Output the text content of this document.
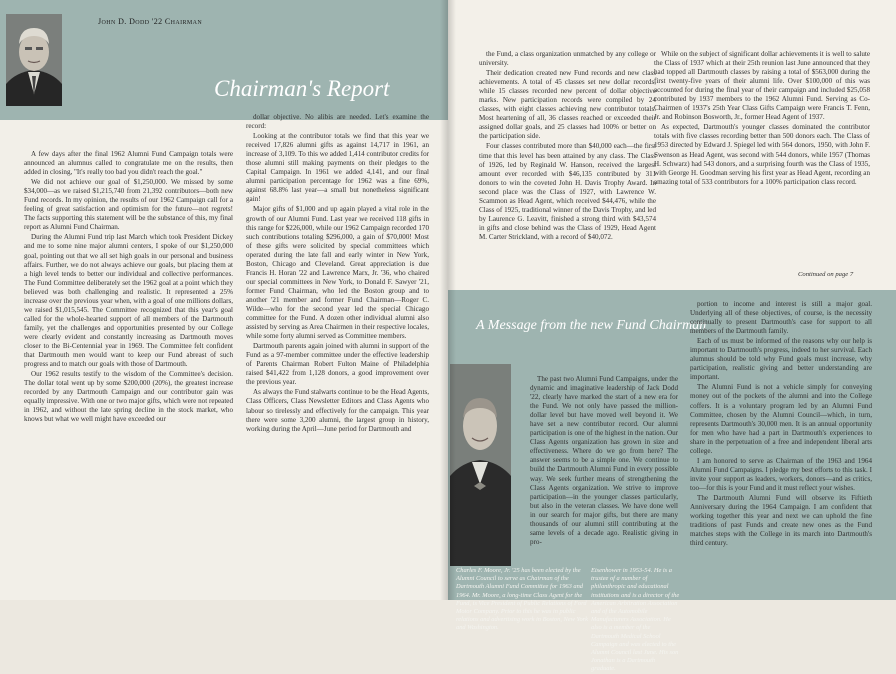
John D. Dodd '22 Chairman
Chairman's Report

A few days after the final 1962 Alumni Fund Campaign totals were announced an alumnus called to congratulate me on the results, then added in closing, "It's really too bad you didn't reach the goal."

We did not achieve our goal of $1,250,000. We missed by some $34,000—as we raised $1,215,740 from 21,392 contributors—both new Fund records. In my opinion, the results of our 1962 Campaign call for a feeling of great satisfaction and optimism for the future—not regrets! The facts supporting this statement will be the substance of this, my final report as Alumni Fund Chairman.

During the Alumni Fund trip last March which took President Dickey and me to some nine major alumni centers, I spoke of our $1,250,000 goal, pointing out that we all set high goals in our personal and business affairs. Further, we do not always achieve our goals, but placing them at a high level tends to better our individual and collective performances. The Fund Committee deliberately set the 1962 goal at a point which they believed was both challenging and realistic. It represented a 25% increase over the previous year when, with a goal of one millions dollars, we raised $1,015,545. The Committee recognized that this year's goal called for the whole-hearted support of all members of the Dartmouth family, yet the challenges and opportunities presented by our College were clearly evident and constantly increasing as Dartmouth moves closer to the Bi-Centennial year in 1969. The Committee felt confident that Dartmouth men would want to keep our Fund abreast of such progress and to match our goals with those of Dartmouth.

Our 1962 results testify to the wisdom of the Committee's decision. The dollar total went up by some $200,000 (20%), the greatest increase recorded by any Dartmouth Campaign and our contributor gain was equally impressive. With one or two major gifts, which were not repeated in 1962, and without the late spring decline in the stock market, who knows but what we well might have exceeded our

dollar objective. No alibis are needed. Let's examine the record:

Looking at the contributor totals we find that this year we received 17,826 alumni gifts as against 14,717 in 1961, an increase of 3,109. To this we added 1,414 contributor credits for those alumni still making payments on their pledges to the Capital Campaign. In 1961 we added 4,141, and our final alumni participation percentage for 1962 was a fine 69%, against 68.8% last year—a small but nonetheless significant gain!

Major gifts of $1,000 and up again played a vital role in the growth of our Alumni Fund. Last year we received 118 gifts in this range for $226,000, while our 1962 Campaign recorded 170 such contributions totaling $296,000, a gain of $70,000! Most of these gifts were solicited by special committees which operated during the late fall and early winter in New York, Boston, Chicago and Cleveland. Great appreciation is due Francis H. Horan '22 and Lawrence Marx, Jr. '36, who chaired our special committees in New York, to Donald F. Sawyer '21, former Fund Chairman, who led the Boston group and to another '21 member and former Fund Chairman—Roger C. Wilde—who for the second year led the special Chicago committee for the Fund. A dozen other individual alumni also assisted by serving as Area Chairmen in their respective locales, while some forty alumni served as Committee members.

Dartmouth parents again joined with alumni in support of the Fund as a 97-member committee under the effective leadership of Parents Chairman Robert Fulton Maine of Philadelphia raised $41,422 from 1,128 donors, a good improvement over the previous year.

As always the Fund stalwarts continue to be the Head Agents, Class Officers, Class Newsletter Editors and Class Agents who labour so tirelessly and effectively for the campaign. This year there were some 3,200 alumni, the largest group in history, working during the April—June period for Dartmouth and

the Fund, a class organization unmatched by any college or university.

Their dedication created new Fund records and new class achievements. A total of 45 classes set new dollar records, while 15 classes recorded new percent of dollar objective marks. New participation records were compiled by 24 classes, with eight classes achieving new contributor totals. Most heartening of all, 36 classes reached or exceeded their assigned dollar goals, and 25 classes had 100% or better on the participation side.

Four classes contributed more than $40,000 each—the first time that this level has been attained by any class. The Class of 1926, led by Reginald W. Hanson, received the largest amount ever recorded with $46,135 contributed by 311 donors to win the coveted John H. Davis Trophy Award. In second place was the Class of 1927, with Lawrence W. Scammon as Head Agent, which received $44,476, while the Class of 1925, traditional winner of the Davis Trophy, and led by Laurence G. Leavitt, finished a strong third with $43,574 in gifts and close behind was the Class of 1929, Head Agent M. Carter Strickland, with a record of $40,072.

While on the subject of significant dollar achievements it is well to salute the Class of 1937 which at their 25th reunion last June announced that they had topped all Dartmouth classes by raising a total of $563,000 during the first twenty-five years of their alumni life. Over $100,000 of this was accounted for during the final year of their campaign and included $25,058 contributed by 1937 members to the 1962 Alumni Fund. Serving as Co-Chairmen of 1937's 25th Year Class Gifts Campaign were Francis T. Fenn, Jr. and Robinson Bosworth, Jr., former Head Agent of 1937.

As expected, Dartmouth's younger classes dominated the contributor totals with five classes recording better than 500 donors each. The Class of 1953 directed by Edward J. Spiegel led with 564 donors, 1950, with John F. Swenson as Head Agent, was second with 544 donors, while 1957 (Thomas H. Schwarz) had 543 donors, and a surprising fourth was the Class of 1935, with George H. Goodman serving his first year as Head Agent, recording an amazing total of 533 contributors for a 100% participation class record.

Continued on page 7
A Message from the new Fund Chairman

The past two Alumni Fund Campaigns, under the dynamic and imaginative leadership of Jack Dodd '22, clearly have marked the start of a new era for the Fund. We not only have passed the million-dollar level but have moved well beyond it. We have set a new contributor record. Our alumni participation is one of the highest in the nation. Our Class Agents organization has grown in size and effectiveness. Where do we go from here? The answer seems to be a simple one. We continue to build the Dartmouth Alumni Fund in every possible way. We seek further means of strengthening the Class Agents organization. We strive to improve participation—in the younger classes particularly, but also in the veteran classes. We have done well in our search for major gifts, but there are many thousands of our alumni still contributing at the same levels of a decade ago. Realistic giving in pro-

portion to income and interest is still a major goal. Underlying all of these objectives, of course, is the necessity continually to present Dartmouth's case for support to all members of the Dartmouth family.

Each of us must be informed of the reasons why our help is important to Dartmouth's progress, indeed to her survival. Each alumnus should be told why Fund goals must increase, why participation, realistic giving and better understanding are important.

The Alumni Fund is not a vehicle simply for conveying money out of the pockets of the alumni and into the College coffers. It is a voluntary program led by an Alumni Fund Committee, chosen by the Alumni Council—which, in turn, represents Dartmouth's 30,000 men. It is an annual opportunity for men who have had a part in Dartmouth's experiences to share in the perpetuation of a free and independent liberal arts college.

I am honored to serve as Chairman of the 1963 and 1964 Alumni Fund Campaigns. I pledge my best efforts to this task. I invite your support as leaders, workers, donors—and as critics, too—for this is your Fund and it must reflect your wishes.

The Dartmouth Alumni Fund will observe its Fiftieth Anniversary during the 1964 Campaign. I am confident that working together this year and next we can uphold the fine traditions of past Funds and create new ones as the Fund matches steps with the College in its march into Dartmouth's third century.

Charles F. Moore, Jr. '25 has been elected by the Alumni Council to serve as Chairman of the Dartmouth Alumni Fund Committee for 1963 and 1964. Mr. Moore, a long-time Class Agent for the Fund, is Vice President of Public Relations of Ford Motor Company. Prior to this he was in public relations and advertising work in Boston, New York and Washington.
Eisenhower in 1953-54. He is a trustee of a number of philanthropic and educational institutions and is a director of the American Arbitration Association and of the Automobile Manufacturers Association. He also is a member of the Dartmouth Medical School Campaign and was elected to the Alumni Council last June. His son Jonathan is a Dartmouth graduate.
